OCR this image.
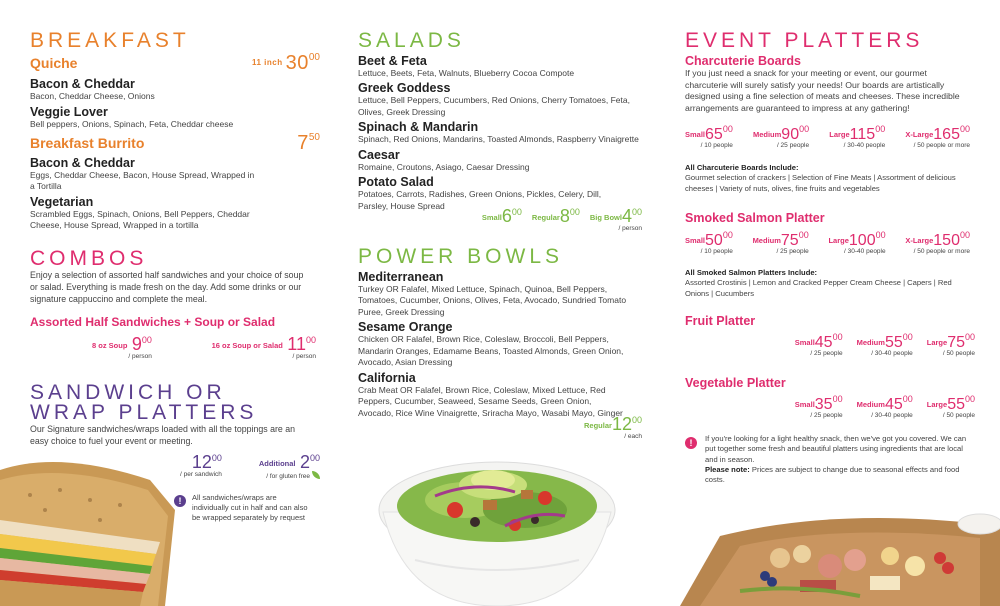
BREAKFAST
Quiche	$^{11 inch}$ $30^{00}$
Bacon & Cheddar
Bacon, Cheddar Cheese, Onions
Veggie Lover
Bell peppers, Onions, Spinach, Feta, Cheddar cheese
Breakfast Burrito	$7^{50}$
Bacon & Cheddar
Eggs, Cheddar Cheese, Bacon, House Spread, Wrapped in a Tortilla
Vegetarian
Scrambled Eggs, Spinach, Onions, Bell Peppers, Cheddar Cheese, House Spread, Wrapped in a tortilla
COMBOS
Enjoy a selection of assorted half sandwiches and your choice of soup or salad. Everything is made fresh on the day. Add some drinks or our signature cappuccino and complete the meal.
Assorted Half Sandwiches + Soup or Salad
8 oz Soup $9^{00}$
/ person
16 oz Soup or Salad $11^{00}$
/ person
SANDWICH OR
WRAP PLATTERS
Our Signature sandwiches/wraps loaded with all the toppings are an easy choice to fuel your event or meeting.
$12^{00}$
/ per sandwich
Additional $2^{00}$
/ for gluten free
!	All sandwiches/wraps are individually cut in half and can also be wrapped separately by request
SALADS
Beet & Feta
Lettuce, Beets, Feta, Walnuts, Blueberry Cocoa Compote
Greek Goddess
Lettuce, Bell Peppers, Cucumbers, Red Onions, Cherry Tomatoes, Feta, Olives, Greek Dressing
Spinach & Mandarin
Spinach, Red Onions, Mandarins, Toasted Almonds, Raspberry Vinaigrette
Caesar
Romaine, Croutons, Asiago, Caesar Dressing
Potato Salad
Potatoes, Carrots, Radishes, Green Onions, Pickles, Celery, Dill, Parsley, House Spread
$Small6^{00}$
$Regular8^{00}$
Big $Bowl4^{00}$
/ person
POWER BOWLS
Mediterranean
Turkey OR Falafel, Mixed Lettuce, Spinach, Quinoa, Bell Peppers, Tomatoes, Cucumber, Onions, Olives, Feta, Avocado, Sundried Tomato Puree, Greek Dressing
Sesame Orange
Chicken OR Falafel, Brown Rice, Coleslaw, Broccoli, Bell Peppers, Mandarin Oranges, Edamame Beans, Toasted Almonds, Green Onion, Avocado, Asian Dressing
California
Crab Meat OR Falafel, Brown Rice, Coleslaw, Mixed Lettuce, Red Peppers, Cucumber, Seaweed, Sesame Seeds, Green Onion, Avocado, Rice Wine Vinaigrette, Sriracha Mayo, Wasabi Mayo, Ginger
$Regular12^{00}$
/ each
EVENT PLATTERS
Charcuterie Boards
If you just need a snack for your meeting or event, our gourmet charcuterie will surely satisfy your needs! Our boards are artistically designed using a fine selection of meats and cheeses. These incredible arrangements are guaranteed to impress at any gathering!
$Small65^{00}$
/ 10 people
$Medium90^{00}$
/ 25 people
$Large115^{00}$
/ 30-40 people
$X-Large165^{00}$
/ 50 people or more
All Charcuterie Boards Include:
Gourmet selection of crackers | Selection of Fine Meats | Assortment of delicious cheeses | Variety of nuts, olives, fine fruits and vegetables
Smoked Salmon Platter
$Small50^{00}$
/ 10 people
$Medium75^{00}$
/ 25 people
$Large100^{00}$
/ 30-40 people
$X-Large150^{00}$
/ 50 people or more
All Smoked Salmon Platters Include:
Assorted Crostinis | Lemon and Cracked Pepper Cream Cheese | Capers | Red Onions | Cucumbers
Fruit Platter
$Small45^{00}$
/ 25 people
$Medium55^{00}$
/ 30-40 people
$Large75^{00}$
/ 50 people
Vegetable Platter
$Small35^{00}$
/ 25 people
$Medium45^{00}$
/ 30-40 people
$Large55^{00}$
/ 50 people
!	If you're looking for a light healthy snack, then we've got you covered. We can put together some fresh and beautiful platters using ingredients that are local and in season.
Please note: Prices are subject to change due to seasonal effects and food costs.
